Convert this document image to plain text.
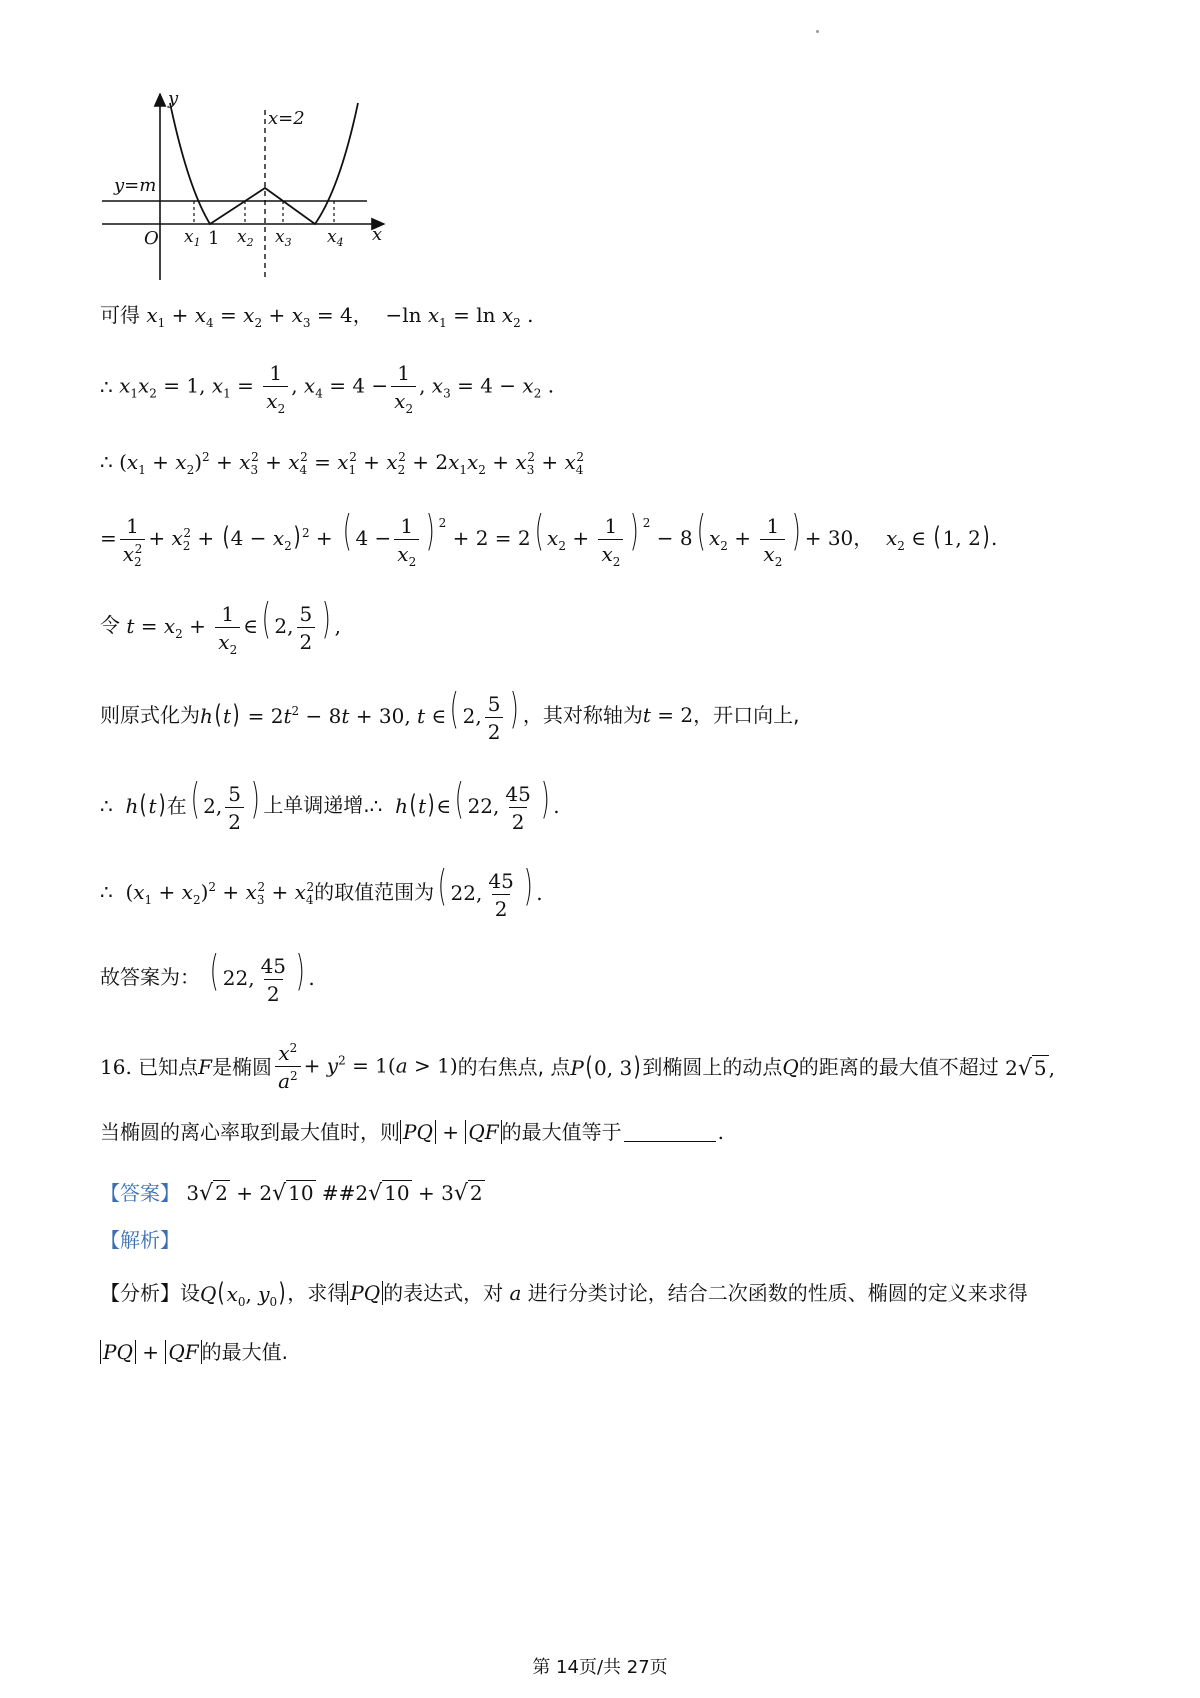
y
x=2
y=m
O	x
1
$x_1$ $x_2$ $x_3$ $x_4$
可得 $x_1 + x_4 = x_2 + x_3 = 4$， −ln $x_1 = \ln x_2$ .
∴ $x_1x_2 = 1$, $x_1 = \frac{1}{x_2}$ , $x_4 = 4 - \frac{1}{x_2}$ , $x_3 = 4 - x_2$ .
∴ $(x_1 + x_2)^2 + x_3^2 + x_4^2 = x_1^2 + x_2^2 + 2x_1x_2 + x_3^2 + x_4^2$
= $\frac{1}{x_2^2} + x_2^2 + (4 - x_2) ^2$ + ( $4 - \frac{1}{x_2}$ ) $^2$ + 2 = 2( $x_2 + \frac{1}{x_2}$ ) $^2$ − 8( $x_2 + \frac{1}{x_2}$ ) + 30，  $x_2$ ∈ (1, 2).
令 $t = x_2 + \frac{1}{x_2}$ ∈( 2, $\frac{5}{2}$ ) ,
则原式化为 $h(t) = 2t^2 - 8t + 30$, t ∈( 2, $\frac{5}{2}$ ) ，其对称轴为 t = 2 ，开口向上,
∴  h(t)在( 2, $\frac{5}{2}$ ) 上单调递增. ∴  h(t)∈( 22, $\frac{45}{2}$ ) .
∴ $(x_1 + x_2)^2 + x_3^2 + x_4^2$ 的取值范围为 ( 22, $\frac{45}{2}$ ) .
故答案为： ( 22, $\frac{45}{2}$ ) .
16.
已知点 F 是椭圆 $\frac{x^2}{a^2} + y^2 = 1(a > 1)$ 的右焦点, 点 P(0, 3) 到椭圆上的动点 Q 的距离的最大值不超过 2 √ 5 ,
当椭圆的离心率取到最大值时，则 PQ + QF 的最大值等于	.
【答案】 3 √ 2 + 2 √ 10 ##2 √ 10 + 3 √ 2
【解析】
【分析】 设 $Q(x_0$, $y_0$) ，求得 PQ 的表达式，对 a 进行分类讨论，结合二次函数的性质、椭圆的定义来求得
PQ + QF 的最大值.
第 14页/共 27页
